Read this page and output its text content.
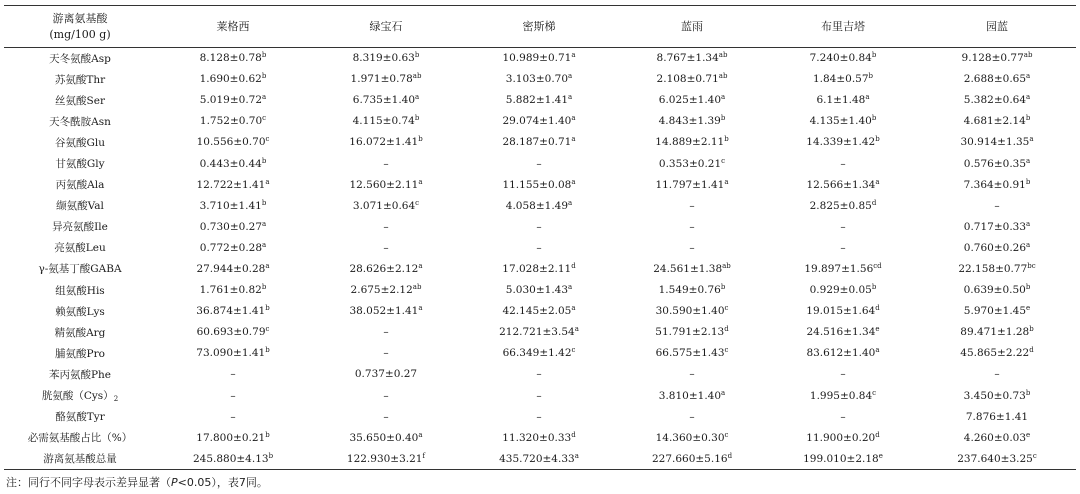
游离氨基酸
(mg/100 g)	莱格西	绿宝石	密斯梯	蓝雨	布里吉塔	园蓝
天冬氨酸Asp	8.128±0.78$^b$	8.319±0.63$^b$	10.989±0.71$^a$	8.767±1.34$^{ab}$	7.240±0.84$^b$	9.128±0.77$^{ab}$
苏氨酸Thr	1.690±0.62$^b$	1.971±0.78$^{ab}$	3.103±0.70$^a$	2.108±0.71$^{ab}$	1.84±0.57$^b$	2.688±0.65$^a$
丝氨酸Ser	5.019±0.72$^a$	6.735±1.40$^a$	5.882±1.41$^a$	6.025±1.40$^a$	6.1±1.48$^a$	5.382±0.64$^a$
天冬酰胺Asn	1.752±0.70$^c$	4.115±0.74$^b$	29.074±1.40$^a$	4.843±1.39$^b$	4.135±1.40$^b$	4.681±2.14$^b$
谷氨酸Glu	10.556±0.70$^c$	16.072±1.41$^b$	28.187±0.71$^a$	14.889±2.11$^b$	14.339±1.42$^b$	30.914±1.35$^a$
甘氨酸Gly	0.443±0.44$^b$	–	–	0.353±0.21$^c$	–	0.576±0.35$^a$
丙氨酸Ala	12.722±1.41$^a$	12.560±2.11$^a$	11.155±0.08$^a$	11.797±1.41$^a$	12.566±1.34$^a$	7.364±0.91$^b$
缬氨酸Val	3.710±1.41$^b$	3.071±0.64$^c$	4.058±1.49$^a$	–	2.825±0.85$^d$	–
异亮氨酸Ile	0.730±0.27$^a$	–	–	–	–	0.717±0.33$^a$
亮氨酸Leu	0.772±0.28$^a$	–	–	–	–	0.760±0.26$^a$
γ-氨基丁酸GABA	27.944±0.28$^a$	28.626±2.12$^a$	17.028±2.11$^d$	24.561±1.38$^{ab}$	19.897±1.56$^{cd}$	22.158±0.77$^{bc}$
组氨酸His	1.761±0.82$^b$	2.675±2.12$^{ab}$	5.030±1.43$^a$	1.549±0.76$^b$	0.929±0.05$^b$	0.639±0.50$^b$
赖氨酸Lys	36.874±1.41$^b$	38.052±1.41$^a$	42.145±2.05$^a$	30.590±1.40$^c$	19.015±1.64$^d$	5.970±1.45$^e$
精氨酸Arg	60.693±0.79$^c$	–	212.721±3.54$^a$	51.791±2.13$^d$	24.516±1.34$^e$	89.471±1.28$^b$
脯氨酸Pro	73.090±1.41$^b$	–	66.349±1.42$^c$	66.575±1.43$^c$	83.612±1.40$^a$	45.865±2.22$^d$
苯丙氨酸Phe	–	0.737±0.27	–	–	–	–
胱氨酸$(Cys)_2$	–	–	–	3.810±1.40$^a$	1.995±0.84$^c$	3.450±0.73$^b$
酪氨酸Tyr	–	–	–	–	–	7.876±1.41
必需氨基酸占比（%）	17.800±0.21$^b$	35.650±0.40$^a$	11.320±0.33$^d$	14.360±0.30$^c$	11.900±0.20$^d$	4.260±0.03$^e$
游离氨基酸总量	245.880±4.13$^b$	122.930±3.21$^f$	435.720±4.33$^a$	227.660±5.16$^d$	199.010±2.18$^e$	237.640±3.25$^c$
注：同行不同字母表示差异显著（P<0.05），表7同。
